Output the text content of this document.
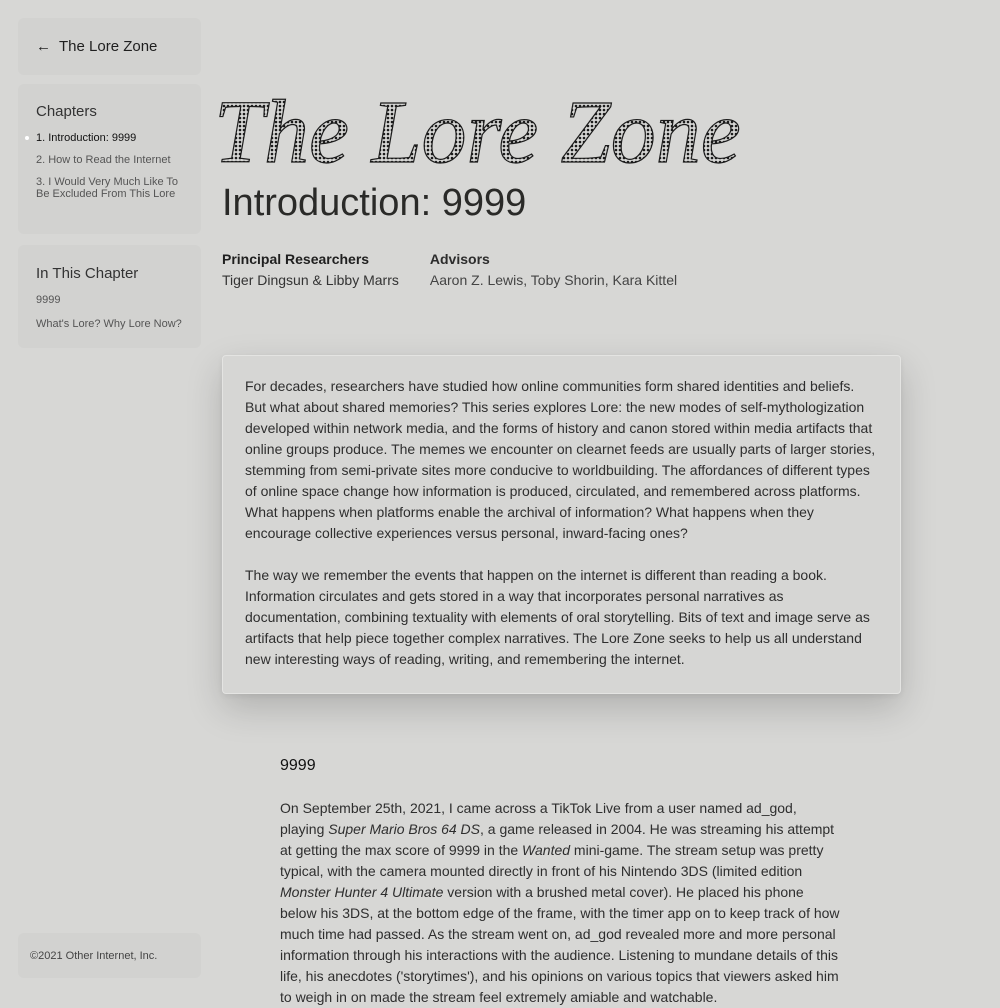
← The Lore Zone
Chapters
1. Introduction: 9999
2. How to Read the Internet
3. I Would Very Much Like To Be Excluded From This Lore
In This Chapter
9999
What's Lore? Why Lore Now?
©2021 Other Internet, Inc.
The Lore Zone
Introduction: 9999
Principal Researchers
Tiger Dingsun & Libby Marrs
Advisors
Aaron Z. Lewis, Toby Shorin, Kara Kittel

For decades, researchers have studied how online communities form shared identities and beliefs. But what about shared memories? This series explores Lore: the new modes of self-mythologization developed within network media, and the forms of history and canon stored within media artifacts that online groups produce. The memes we encounter on clearnet feeds are usually parts of larger stories, stemming from semi-private sites more conducive to worldbuilding. The affordances of different types of online space change how information is produced, circulated, and remembered across platforms. What happens when platforms enable the archival of information? What happens when they encourage collective experiences versus personal, inward-facing ones?

The way we remember the events that happen on the internet is different than reading a book. Information circulates and gets stored in a way that incorporates personal narratives as documentation, combining textuality with elements of oral storytelling. Bits of text and image serve as artifacts that help piece together complex narratives. The Lore Zone seeks to help us all understand new interesting ways of reading, writing, and remembering the internet.

9999

On September 25th, 2021, I came across a TikTok Live from a user named ad_god, playing Super Mario Bros 64 DS, a game released in 2004. He was streaming his attempt at getting the max score of 9999 in the Wanted mini-game. The stream setup was pretty typical, with the camera mounted directly in front of his Nintendo 3DS (limited edition Monster Hunter 4 Ultimate version with a brushed metal cover). He placed his phone below his 3DS, at the bottom edge of the frame, with the timer app on to keep track of how much time had passed. As the stream went on, ad_god revealed more and more personal information through his interactions with the audience. Listening to mundane details of this life, his anecdotes ('storytimes'), and his opinions on various topics that viewers asked him to weigh in on made the stream feel extremely amiable and watchable.
